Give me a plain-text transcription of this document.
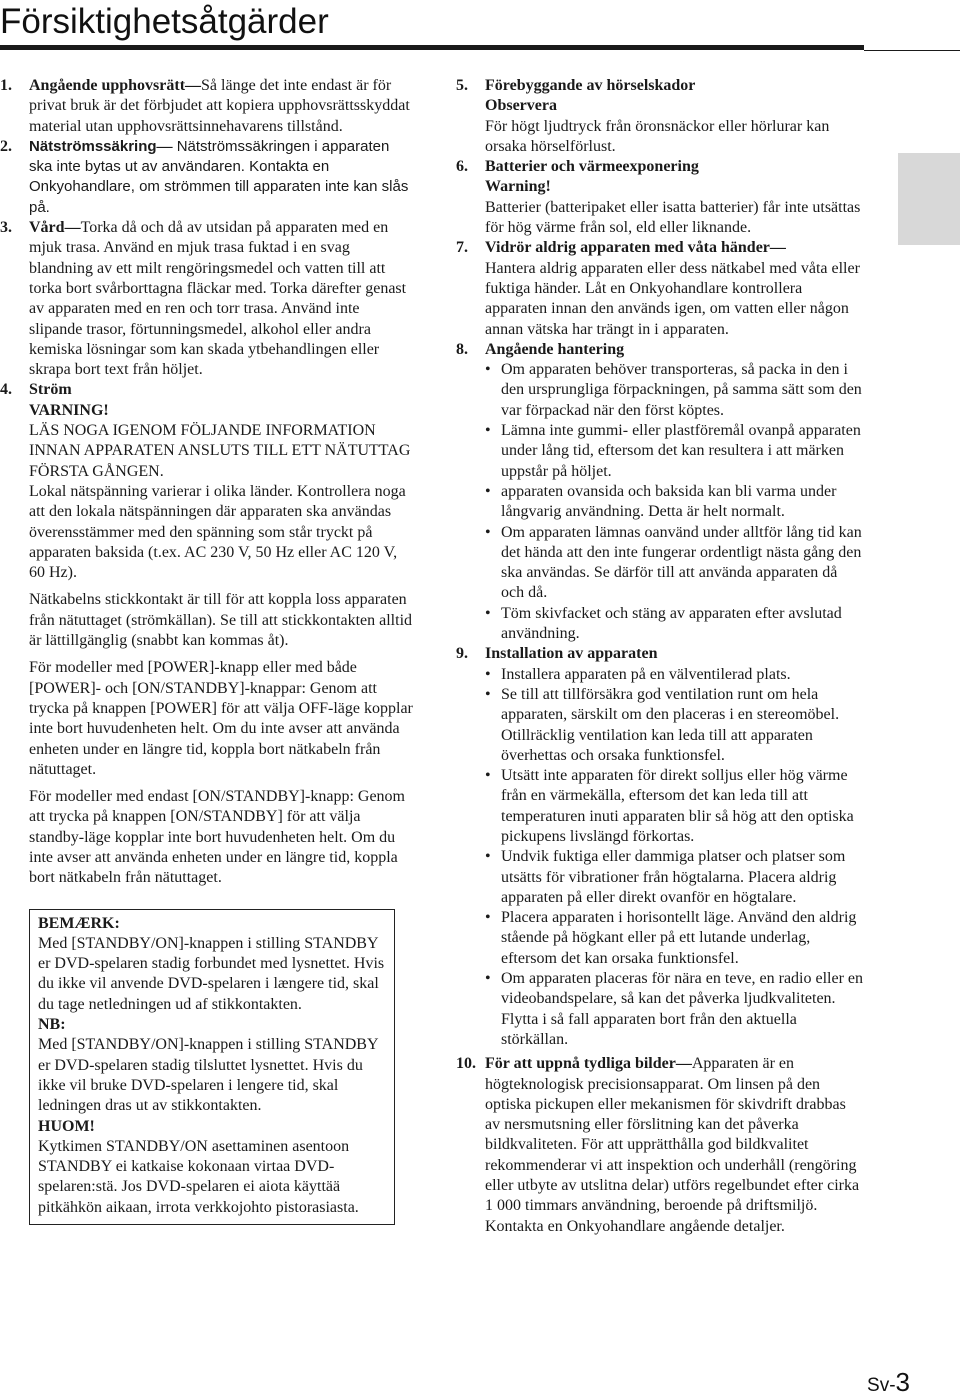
Försiktighetsåtgärder
1. Angående upphovsrätt—Så länge det inte endast är för privat bruk är det förbjudet att kopiera upphovsrättsskyddat material utan upphovsrättsinnehavarens tillstånd.
2. Nätströmssäkring— Nätströmssäkringen i apparaten ska inte bytas ut av användaren. Kontakta en Onkyohandlare, om strömmen till apparaten inte kan slås på.
3. Vård—Torka då och då av utsidan på apparaten med en mjuk trasa. Använd en mjuk trasa fuktad i en svag blandning av ett milt rengöringsmedel och vatten till att torka bort svårborttagna fläckar med. Torka därefter genast av apparaten med en ren och torr trasa. Använd inte slipande trasor, förtunningsmedel, alkohol eller andra kemiska lösningar som kan skada ytbehandlingen eller skrapa bort text från höljet.
4. Ström
VARNING!
LÄS NOGA IGENOM FÖLJANDE INFORMATION INNAN APPARATEN ANSLUTS TILL ETT NÄTUTTAG FÖRSTA GÅNGEN.
Lokal nätspänning varierar i olika länder. Kontrollera noga att den lokala nätspänningen där apparaten ska användas överensstämmer med den spänning som står tryckt på apparaten baksida (t.ex. AC 230 V, 50 Hz eller AC 120 V, 60 Hz).
Nätkabelns stickkontakt är till för att koppla loss apparaten från nätuttaget (strömkällan). Se till att stickkontakten alltid är lättillgänglig (snabbt kan kommas åt).
För modeller med [POWER]-knapp eller med både [POWER]- och [ON/STANDBY]-knappar: Genom att trycka på knappen [POWER] för att välja OFF-läge kopplar inte bort huvudenheten helt. Om du inte avser att använda enheten under en längre tid, koppla bort nätkabeln från nätuttaget.
För modeller med endast [ON/STANDBY]-knapp: Genom att trycka på knappen [ON/STANDBY] för att välja standby-läge kopplar inte bort huvudenheten helt. Om du inte avser att använda enheten under en längre tid, koppla bort nätkabeln från nätuttaget.
BEMÆRK:
Med [STANDBY/ON]-knappen i stilling STANDBY er DVD-spelaren stadig forbundet med lysnettet. Hvis du ikke vil anvende DVD-spelaren i længere tid, skal du tage netledningen ud af stikkontakten.
NB:
Med [STANDBY/ON]-knappen i stilling STANDBY er DVD-spelaren stadig tilsluttet lysnettet. Hvis du ikke vil bruke DVD-spelaren i lengere tid, skal ledningen dras ut av stikkontakten.
HUOM!
Kytkimen STANDBY/ON asettaminen asentoon STANDBY ei katkaise kokonaan virtaa DVD-spelaren:stä. Jos DVD-spelaren ei aiota käyttää pitkähkön aikaan, irrota verkkojohto pistorasiasta.
5. Förebyggande av hörselskador
Observera
För högt ljudtryck från öronsnäckor eller hörlurar kan orsaka hörselförlust.
6. Batterier och värmeexponering
Warning!
Batterier (batteripaket eller isatta batterier) får inte utsättas för hög värme från sol, eld eller liknande.
7. Vidrör aldrig apparaten med våta händer—
Hantera aldrig apparaten eller dess nätkabel med våta eller fuktiga händer. Låt en Onkyohandlare kontrollera apparaten innan den används igen, om vatten eller någon annan vätska har trängt in i apparaten.
8. Angående hantering
• Om apparaten behöver transporteras, så packa in den i den ursprungliga förpackningen, på samma sätt som den var förpackad när den först köptes.
• Lämna inte gummi- eller plastföremål ovanpå apparaten under lång tid, eftersom det kan resultera i att märken uppstår på höljet.
• apparaten ovansida och baksida kan bli varma under långvarig användning. Detta är helt normalt.
• Om apparaten lämnas oanvänd under alltför lång tid kan det hända att den inte fungerar ordentligt nästa gång den ska användas. Se därför till att använda apparaten då och då.
• Töm skivfacket och stäng av apparaten efter avslutad användning.
9. Installation av apparaten
• Installera apparaten på en välventilerad plats.
• Se till att tillförsäkra god ventilation runt om hela apparaten, särskilt om den placeras i en stereomöbel. Otillräcklig ventilation kan leda till att apparaten överhettas och orsaka funktionsfel.
• Utsätt inte apparaten för direkt solljus eller hög värme från en värmekälla, eftersom det kan leda till att temperaturen inuti apparaten blir så hög att den optiska pickupens livslängd förkortas.
• Undvik fuktiga eller dammiga platser och platser som utsätts för vibrationer från högtalarna. Placera aldrig apparaten på eller direkt ovanför en högtalare.
• Placera apparaten i horisontellt läge. Använd den aldrig stående på högkant eller på ett lutande underlag, eftersom det kan orsaka funktionsfel.
• Om apparaten placeras för nära en teve, en radio eller en videobandspelare, så kan det påverka ljudkvaliteten. Flytta i så fall apparaten bort från den aktuella störkällan.
10. För att uppnå tydliga bilder—Apparaten är en högteknologisk precisionsapparat. Om linsen på den optiska pickupen eller mekanismen för skivdrift drabbas av nersmutsning eller förslitning kan det påverka bildkvaliteten. För att upprätthålla god bildkvalitet rekommenderar vi att inspektion och underhåll (rengöring eller utbyte av utslitna delar) utförs regelbundet efter cirka 1 000 timmars användning, beroende på driftsmiljö. Kontakta en Onkyohandlare angående detaljer.
Sv-3
